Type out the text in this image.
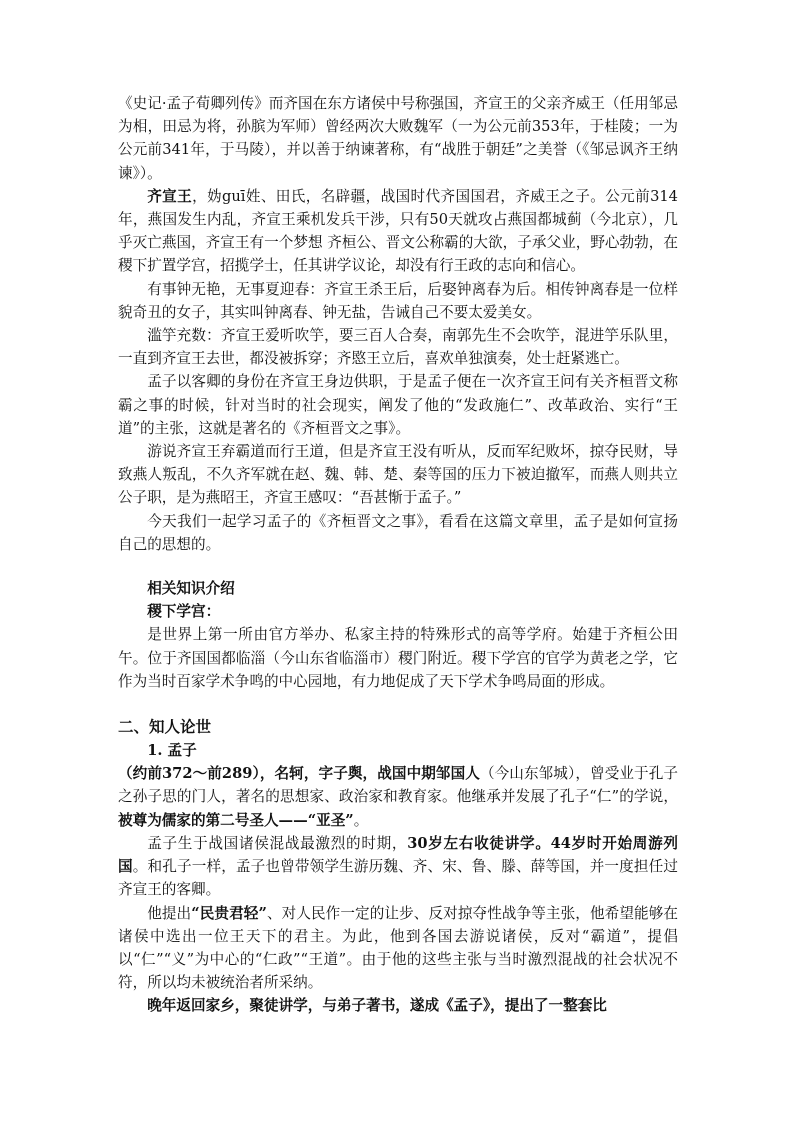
《史记·孟子荀卿列传》而齐国在东方诸侯中号称强国，齐宣王的父亲齐威王（任用邹忌为相，田忌为将，孙膑为军师）曾经两次大败魏军（一为公元前353年，于桂陵；一为公元前341年，于马陵），并以善于纳谏著称，有“战胜于朝廷”之美誉（《邹忌讽齐王纳谏》）。

齐宣王，妫guī姓、田氏，名辟疆，战国时代齐国国君，齐威王之子。公元前314年，燕国发生内乱，齐宣王乘机发兵干涉，只有50天就攻占燕国都城蓟（今北京），几乎灭亡燕国，齐宣王有一个梦想 齐桓公、晋文公称霸的大欲，子承父业，野心勃勃，在稷下扩置学宫，招揽学士，任其讲学议论，却没有行王政的志向和信心。

有事钟无艳，无事夏迎春：齐宣王杀王后，后娶钟离春为后。相传钟离春是一位样貌奇丑的女子，其实叫钟离春、钟无盐，告诫自己不要太爱美女。

滥竽充数：齐宣王爱听吹竽，要三百人合奏，南郭先生不会吹竽，混进竽乐队里，一直到齐宣王去世，都没被拆穿；齐愍王立后，喜欢单独演奏，处士赶紧逃亡。

孟子以客卿的身份在齐宣王身边供职，于是孟子便在一次齐宣王问有关齐桓晋文称霸之事的时候，针对当时的社会现实，阐发了他的“发政施仁”、改革政治、实行“王道”的主张，这就是著名的《齐桓晋文之事》。

游说齐宣王弃霸道而行王道，但是齐宣王没有听从，反而军纪败坏，掠夺民财，导致燕人叛乱，不久齐军就在赵、魏、韩、楚、秦等国的压力下被迫撤军，而燕人则共立公子职，是为燕昭王，齐宣王感叹：“吾甚惭于孟子。”

今天我们一起学习孟子的《齐桓晋文之事》，看看在这篇文章里，孟子是如何宣扬自己的思想的。

相关知识介绍

稷下学宫：

是世界上第一所由官方举办、私家主持的特殊形式的高等学府。始建于齐桓公田午。位于齐国国都临淄（今山东省临淄市）稷门附近。稷下学宫的官学为黄老之学，它作为当时百家学术争鸣的中心园地，有力地促成了天下学术争鸣局面的形成。

二、知人论世

1. 孟子

（约前372～前289），名轲，字子舆，战国中期邹国人（今山东邹城），曾受业于孔子之孙子思的门人，著名的思想家、政治家和教育家。他继承并发展了孔子“仁”的学说，被尊为儒家的第二号圣人——“亚圣”。

孟子生于战国诸侯混战最激烈的时期，30岁左右收徒讲学。44岁时开始周游列国。和孔子一样，孟子也曾带领学生游历魏、齐、宋、鲁、滕、薛等国，并一度担任过齐宣王的客卿。

他提出“民贵君轻”、对人民作一定的让步、反对掠夺性战争等主张，他希望能够在诸侯中选出一位王天下的君主。为此，他到各国去游说诸侯，反对“霸道”，提倡以“仁”“义”为中心的“仁政”“王道”。由于他的这些主张与当时激烈混战的社会状况不符，所以均未被统治者所采纳。

晚年返回家乡，聚徒讲学，与弟子著书，遂成《孟子》，提出了一整套比
